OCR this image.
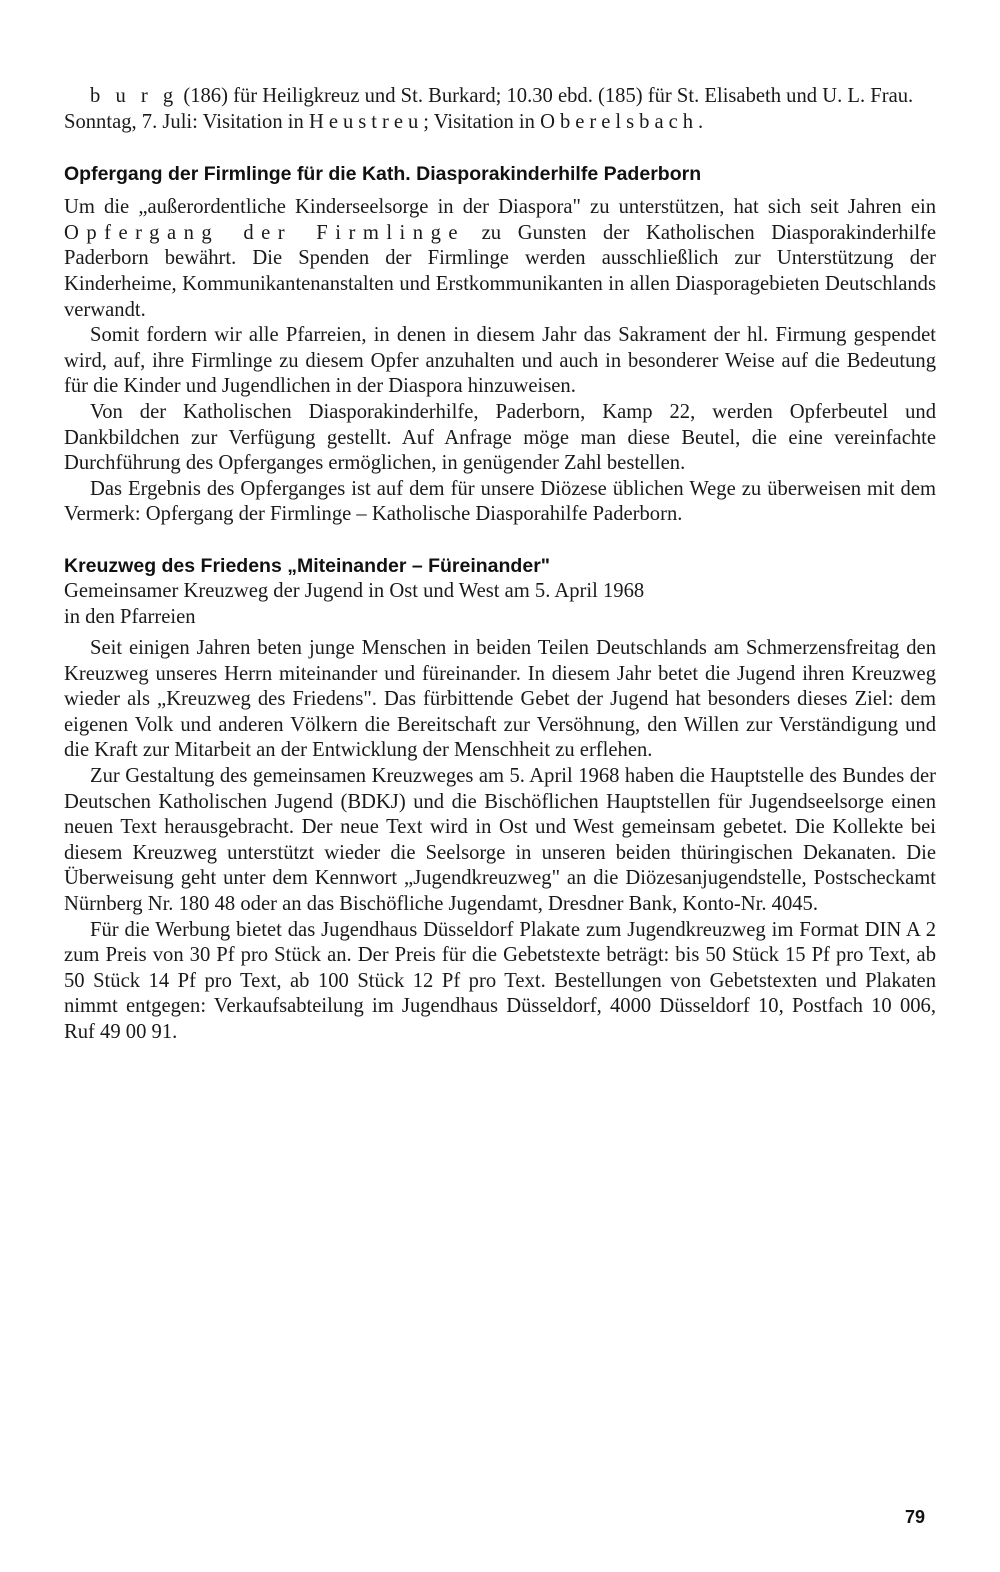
b u r g (186) für Heiligkreuz und St. Burkard; 10.30 ebd. (185) für St. Elisabeth und U. L. Frau.

Sonntag, 7. Juli: Visitation in Heustreu; Visitation in Oberelsbach.

Opfergang der Firmlinge für die Kath. Diasporakinderhilfe Paderborn

Um die „außerordentliche Kinderseelsorge in der Diaspora" zu unterstützen, hat sich seit Jahren ein Opfergang der Firmlinge zu Gunsten der Katholischen Diasporakinderhilfe Paderborn bewährt. Die Spenden der Firmlinge werden ausschließlich zur Unterstützung der Kinderheime, Kommunikantenanstalten und Erstkommunikanten in allen Diasporagebieten Deutschlands verwandt.

Somit fordern wir alle Pfarreien, in denen in diesem Jahr das Sakrament der hl. Firmung gespendet wird, auf, ihre Firmlinge zu diesem Opfer anzuhalten und auch in besonderer Weise auf die Bedeutung für die Kinder und Jugendlichen in der Diaspora hinzuweisen.

Von der Katholischen Diasporakinderhilfe, Paderborn, Kamp 22, werden Opferbeutel und Dankbildchen zur Verfügung gestellt. Auf Anfrage möge man diese Beutel, die eine vereinfachte Durchführung des Opferganges ermöglichen, in genügender Zahl bestellen.

Das Ergebnis des Opferganges ist auf dem für unsere Diözese üblichen Wege zu überweisen mit dem Vermerk: Opfergang der Firmlinge – Katholische Diasporahilfe Paderborn.

Kreuzweg des Friedens „Miteinander – Füreinander"

Gemeinsamer Kreuzweg der Jugend in Ost und West am 5. April 1968

in den Pfarreien

Seit einigen Jahren beten junge Menschen in beiden Teilen Deutschlands am Schmerzensfreitag den Kreuzweg unseres Herrn miteinander und füreinander. In diesem Jahr betet die Jugend ihren Kreuzweg wieder als „Kreuzweg des Friedens". Das fürbittende Gebet der Jugend hat besonders dieses Ziel: dem eigenen Volk und anderen Völkern die Bereitschaft zur Versöhnung, den Willen zur Verständigung und die Kraft zur Mitarbeit an der Entwicklung der Menschheit zu erflehen.

Zur Gestaltung des gemeinsamen Kreuzweges am 5. April 1968 haben die Hauptstelle des Bundes der Deutschen Katholischen Jugend (BDKJ) und die Bischöflichen Hauptstellen für Jugendseelsorge einen neuen Text herausgebracht. Der neue Text wird in Ost und West gemeinsam gebetet. Die Kollekte bei diesem Kreuzweg unterstützt wieder die Seelsorge in unseren beiden thüringischen Dekanaten. Die Überweisung geht unter dem Kennwort „Jugendkreuzweg" an die Diözesanjugendstelle, Postscheckamt Nürnberg Nr. 180 48 oder an das Bischöfliche Jugendamt, Dresdner Bank, Konto-Nr. 4045.

Für die Werbung bietet das Jugendhaus Düsseldorf Plakate zum Jugendkreuzweg im Format DIN A 2 zum Preis von 30 Pf pro Stück an. Der Preis für die Gebetstexte beträgt: bis 50 Stück 15 Pf pro Text, ab 50 Stück 14 Pf pro Text, ab 100 Stück 12 Pf pro Text. Bestellungen von Gebetstexten und Plakaten nimmt entgegen: Verkaufsabteilung im Jugendhaus Düsseldorf, 4000 Düsseldorf 10, Postfach 10 006, Ruf 49 00 91.

79
